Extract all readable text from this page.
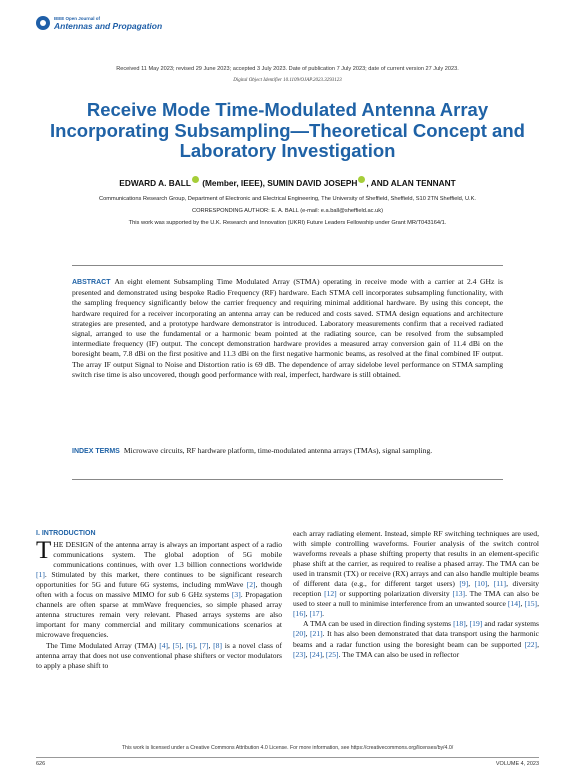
IEEE Open Journal of
Antennas and Propagation
Received 11 May 2023; revised 29 June 2023; accepted 3 July 2023. Date of publication 7 July 2023; date of current version 27 July 2023.
Digital Object Identifier 10.1109/OJAP.2023.3293123
Receive Mode Time-Modulated Antenna Array Incorporating Subsampling—Theoretical Concept and Laboratory Investigation
EDWARD A. BALL (Member, IEEE), SUMIN DAVID JOSEPH , AND ALAN TENNANT
Communications Research Group, Department of Electronic and Electrical Engineering, The University of Sheffield, Sheffield, S10 2TN Sheffield, U.K.
CORRESPONDING AUTHOR: E. A. BALL (e-mail: e.a.ball@sheffield.ac.uk)
This work was supported by the U.K. Research and Innovation (UKRI) Future Leaders Fellowship under Grant MR/T043164/1.
ABSTRACT An eight element Subsampling Time Modulated Array (STMA) operating in receive mode with a carrier at 2.4 GHz is presented and demonstrated using bespoke Radio Frequency (RF) hardware. Each STMA cell incorporates subsampling functionality, with the sampling frequency significantly below the carrier frequency and requiring minimal additional hardware. By using this concept, the hardware required for a receiver incorporating an antenna array can be reduced and costs saved. STMA design equations and architecture strategies are presented, and a prototype hardware demonstrator is introduced. Laboratory measurements confirm that a received radiated signal, arranged to use the fundamental or a harmonic beam pointed at the radiating source, can be resolved from the subsampled intermediate frequency (IF) output. The concept demonstration hardware provides a measured array conversion gain of 11.4 dBi on the boresight beam, 7.8 dBi on the first positive and 11.3 dBi on the first negative harmonic beams, as resolved at the final combined IF output. The array IF output Signal to Noise and Distortion ratio is 69 dB. The dependence of array sidelobe level performance on STMA sampling switch rise time is also uncovered, though good performance with real, imperfect, hardware is still obtained.
INDEX TERMS Microwave circuits, RF hardware platform, time-modulated antenna arrays (TMAs), signal sampling.
I. INTRODUCTION

THE DESIGN of the antenna array is always an important aspect of a radio communications system. The global adoption of 5G mobile communications continues, with over 1.3 billion connections worldwide [1]. Stimulated by this market, there continues to be significant research opportunities for 5G and future 6G systems, including mmWave [2], though often with a focus on massive MIMO for sub 6 GHz systems [3]. Propagation channels are often sparse at mmWave frequencies, so simple phased array antenna structures remain very relevant. Phased arrays systems are also important for many commercial and military communications scenarios at microwave frequencies.

The Time Modulated Array (TMA) [4], [5], [6], [7], [8] is a novel class of antenna array that does not use conventional phase shifters or vector modulators to apply a phase shift to

each array radiating element. Instead, simple RF switching techniques are used, with simple controlling waveforms. Fourier analysis of the switch control waveforms reveals a phase shifting property that results in an element-specific phase shift at the carrier, as required to realise a phased array. The TMA can be used in transmit (TX) or receive (RX) arrays and can also handle multiple beams of different data (e.g., for different target users) [9], [10], [11], diversity reception [12] or supporting polarization diversity [13]. The TMA can also be used to steer a null to minimise interference from an unwanted source [14], [15], [16], [17].

A TMA can be used in direction finding systems [18], [19] and radar systems [20], [21]. It has also been demonstrated that data transport using the harmonic beams and a radar function using the boresight beam can be supported [22], [23], [24], [25]. The TMA can also be used in reflector

This work is licensed under a Creative Commons Attribution 4.0 License. For more information, see https://creativecommons.org/licenses/by/4.0/
626	VOLUME 4, 2023
